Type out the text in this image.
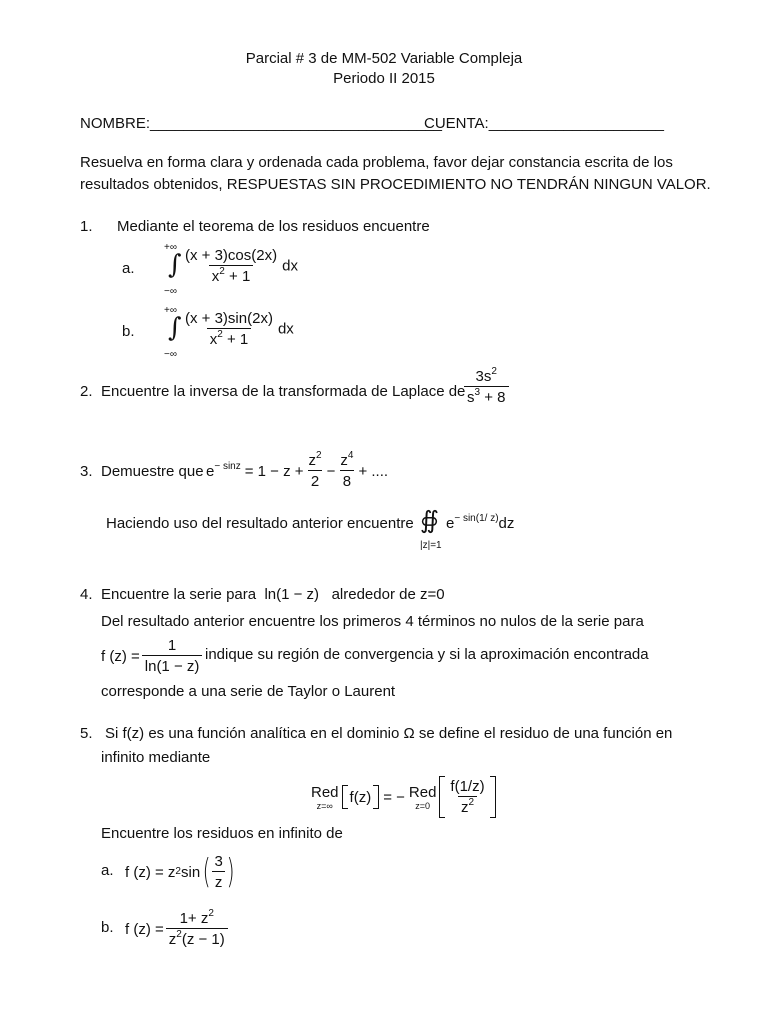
Parcial # 3 de MM-502 Variable Compleja
Periodo II 2015
NOMBRE:___________________________________
CUENTA:_____________________
Resuelva en forma clara y ordenada cada problema, favor dejar constancia escrita de los
resultados obtenidos, RESPUESTAS SIN PROCEDIMIENTO NO TENDRÁN NINGUN VALOR.
1. Mediante el teorema de los residuos encuentre
a.
+∞
∫
−∞
$\frac{(x + 3)\cos(2x)}{x^2 + 1}$ dx
b.
+∞
∫
−∞
$\frac{(x + 3)\sin(2x)}{x^2 + 1}$ dx
2. Encuentre la inversa de la transformada de Laplace de
$\frac{3s^2}{s^3 + 8}$
3. Demuestre que $e^{- sinz} = 1 - z + \frac{z^2}{2} - \frac{z^4}{8}$ + ....
Haciendo uso del resultado anterior encuentre ∯
|z|=1
$e^{- sin(1/ z)}dz$
4. Encuentre la serie para ln(1 − z) alrededor de z=0
Del resultado anterior encuentre los primeros 4 términos no nulos de la serie para
f $(z) = \frac{1}{\ln(1 - z)}$ indique su región de convergencia y si la aproximación encontrada
corresponde a una serie de Taylor o Laurent
5. Si f(z) es una función analítica en el dominio Ω se define el residuo de una función en
infinito mediante
Red
z=∞ f(z) = − Red
$z=0 \frac{f(1/z)}{z^2}$
Encuentre los residuos en infinito de
a. f (z) = z 2 sin ( $\frac{3}{z}$ )
b. f $(z) = \frac{1+ z^2}{z^2(z - 1)}$
